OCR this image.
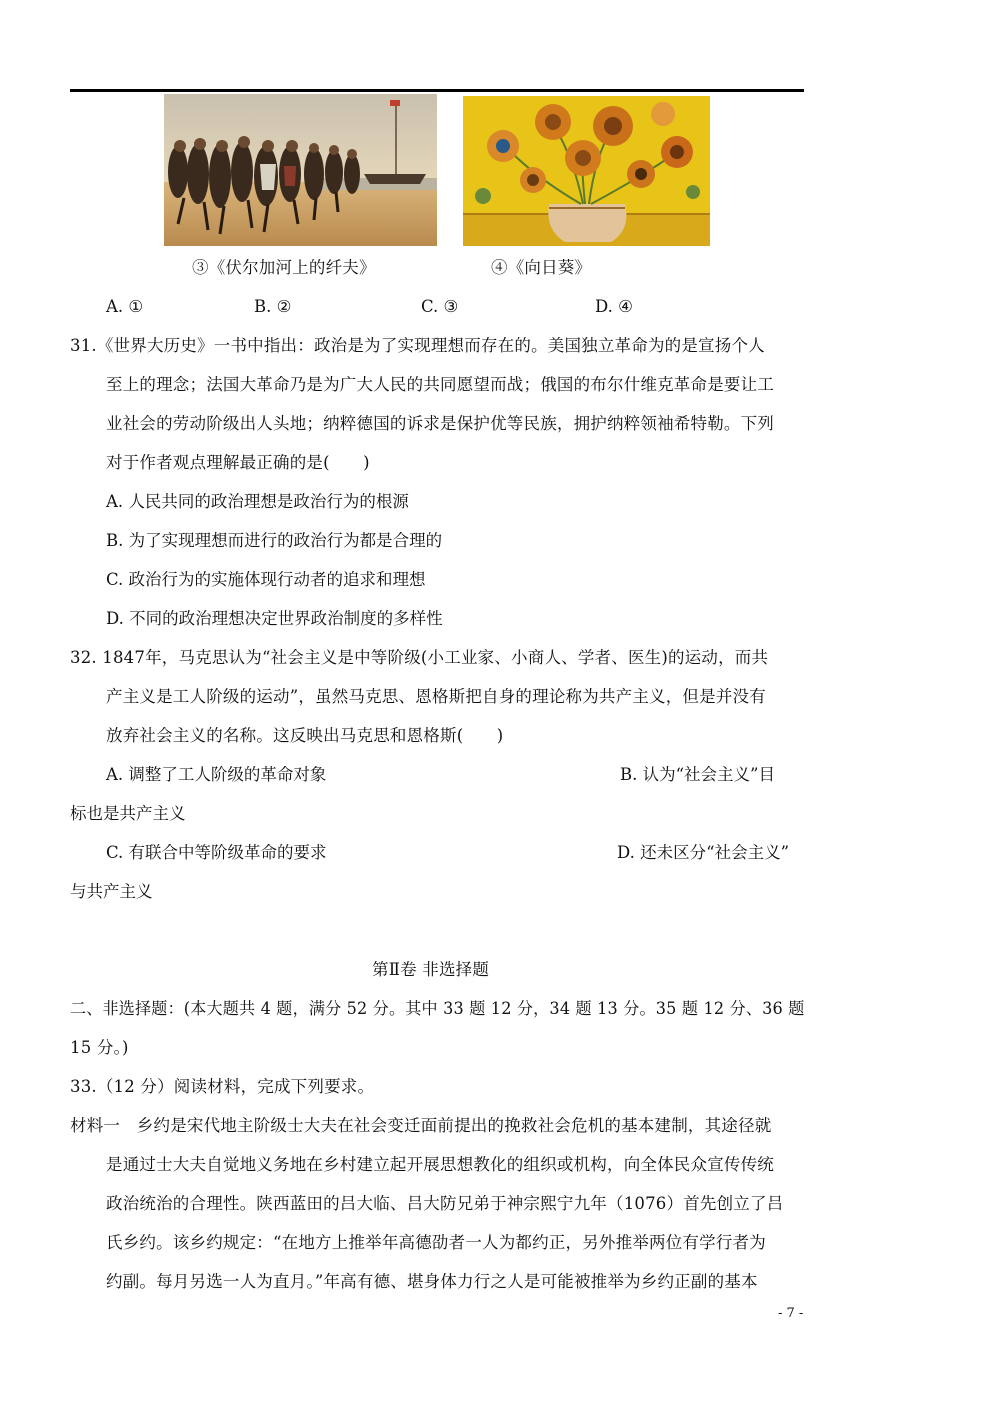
③《伏尔加河上的纤夫》	④《向日葵》
A. ①	B. ②	C. ③	D. ④
31.《世界大历史》一书中指出：政治是为了实现理想而存在的。美国独立革命为的是宣扬个人
至上的理念；法国大革命乃是为广大人民的共同愿望而战；俄国的布尔什维克革命是要让工
业社会的劳动阶级出人头地；纳粹德国的诉求是保护优等民族，拥护纳粹领袖希特勒。下列
对于作者观点理解最正确的是(　　)
A. 人民共同的政治理想是政治行为的根源
B. 为了实现理想而进行的政治行为都是合理的
C. 政治行为的实施体现行动者的追求和理想
D. 不同的政治理想决定世界政治制度的多样性
32. 1847年，马克思认为“社会主义是中等阶级(小工业家、小商人、学者、医生)的运动，而共
产主义是工人阶级的运动”，虽然马克思、恩格斯把自身的理论称为共产主义，但是并没有
放弃社会主义的名称。这反映出马克思和恩格斯(　　)
A. 调整了工人阶级的革命对象	B. 认为“社会主义”目
标也是共产主义
C. 有联合中等阶级革命的要求	D. 还未区分“社会主义”
与共产主义
第Ⅱ卷 非选择题
二、非选择题：(本大题共 4 题，满分 52 分。其中 33 题 12 分，34 题 13 分。35 题 12 分、36 题
15 分。)
33.（12 分）阅读材料，完成下列要求。
材料一　乡约是宋代地主阶级士大夫在社会变迁面前提出的挽救社会危机的基本建制，其途径就
是通过士大夫自觉地义务地在乡村建立起开展思想教化的组织或机构，向全体民众宣传传统
政治统治的合理性。陕西蓝田的吕大临、吕大防兄弟于神宗熙宁九年（1076）首先创立了吕
氏乡约。该乡约规定：“在地方上推举年高德劭者一人为都约正，另外推举两位有学行者为
约副。每月另选一人为直月。”年高有德、堪身体力行之人是可能被推举为乡约正副的基本
- 7 -
